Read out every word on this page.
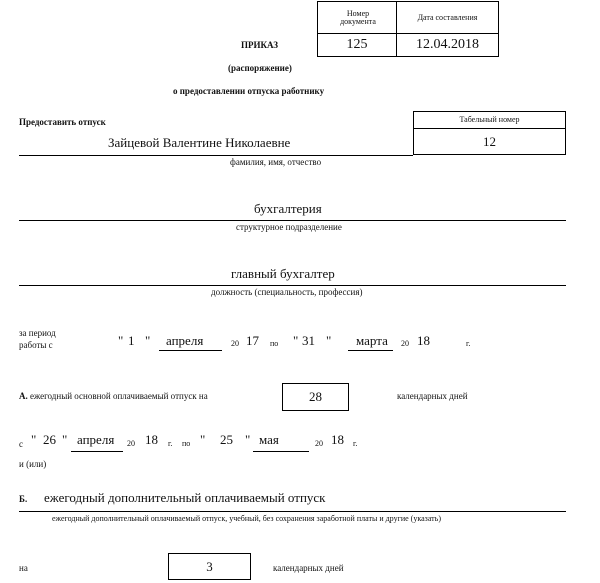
Номер документа	Дата составления
125	12.04.2018
ПРИКАЗ
(распоряжение)
о предоставлении отпуска работнику
Предоставить отпуск	Табельный номер
12
Зайцевой Валентине Николаевне
фамилия, имя, отчество
бухгалтерия
структурное подразделение
главный бухгалтер
должность (специальность, профессия)
за период
работы с	" 1 " апреля	20 17 по " 31 " марта 20 18	г.
А. ежегодный основной оплачиваемый отпуск на	28	календарных дней
с " 26 " апреля 20 18 г. по " 25 " мая	20 18 г.
и (или)
Б. ежегодный дополнительный оплачиваемый отпуск
ежегодный дополнительный оплачиваемый отпуск, учебный, без сохранения заработной платы и другие (указать)
на	3	календарных дней
